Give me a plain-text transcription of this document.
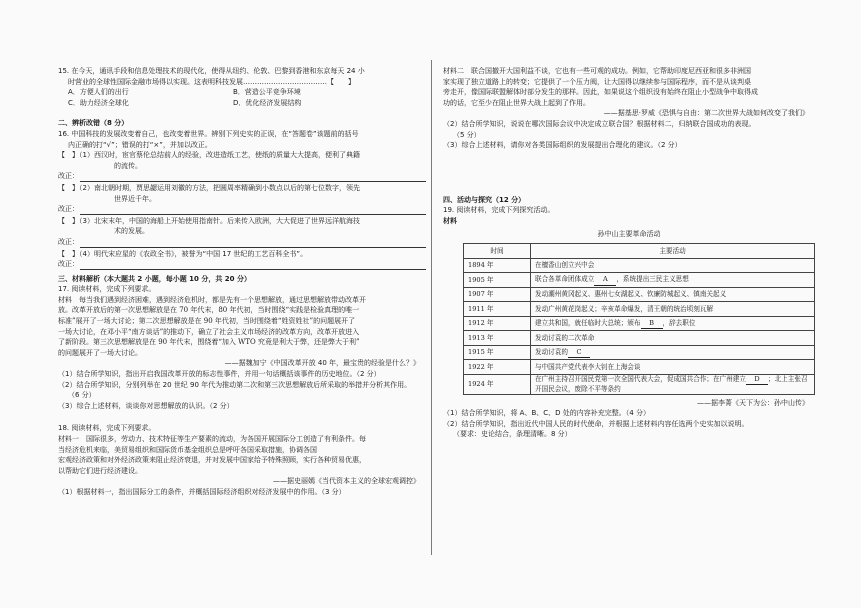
15. 在今天，通讯手段和信息处理技术的现代化，使得从纽约、伦敦、巴黎到香港和东京每天 24 小
时营业的全球性国际金融市场得以实现。这表明科技发展………………………………【　　】
A．方便人们的出行	B．营造公平竞争环境
C．助力经济全球化	D．优化经济发展结构
二、辨析改错（8 分）
16. 中国科技的发展改变着自己，也改变着世界。辨别下列史实的正误，在“答题卷”该题前的括号
内正确的打“√”；错误的打“×”，并加以改正。
【　】（1）西汉时，宦官蔡伦总结前人的经验，改进造纸工艺，使纸的质量大大提高，便利了典籍
的流传。
改正：
【　】（2）南北朝时期，贾思勰运用刘徽的方法，把圆周率精确到小数点以后的第七位数字，领先
世界近千年。
改正：
【　】（3）北宋末年，中国的海船上开始使用指南针。后来传入欧洲，大大促进了世界远洋航海技
术的发展。
改正：
【　】（4）明代宋应星的《农政全书》，被誉为“中国 17 世纪的工艺百科全书”。
改正：
三、材料解析（本大题共 2 小题，每小题 10 分，共 20 分）
17. 阅读材料，完成下列要求。
材料　每当我们遇到经济困难，遇到经济危机时，都是先有一个思想解放，通过思想解放带动改革开
放。改革开放后的第一次思想解放是在 70 年代末，80 年代初，当时围绕“实践是检验真理的唯一
标准”展开了一场大讨论；第二次思想解放是在 90 年代初，当时围绕着“姓资姓社”的问题展开了
一场大讨论，在邓小平“南方谈话”的推动下，确立了社会主义市场经济的改革方向，改革开放进入
了新阶段。第三次思想解放是在 90 年代末，围绕着“加入 WTO 究竟是利大于弊，还是弊大于利”
的问题展开了一场大讨论。
——据魏加宁《中国改革开放 40 年，最宝贵的经验是什么？》
（1）结合所学知识，指出开启我国改革开放的标志性事件，并用一句话概括该事件的历史地位。（2 分）
（2）结合所学知识，分别列举在 20 世纪 90 年代为推动第二次和第三次思想解放后所采取的举措并分析其作用。
（6 分）
（3）综合上述材料，谈谈你对思想解放的认识。（2 分）
18. 阅读材料，完成下列要求。
材料一　国际很多，劳动力、技术特征等生产要素的流动，为各国开展国际分工创造了有利条件。每
当经济危机来临，美贸易组织和国际货币基金组织总是呼吁各国采取措施，协调各国
宏观经济政策和对外经济政策来阻止经济衰退，并对发展中国家给予特殊照顾，实行各种贸易优惠，
以帮助它们进行经济建设。
——据史丽嫣《当代资本主义的全球宏观调控》
（1）根据材料一，指出国际分工的条件，并概括国际经济组织对经济发展中的作用。（3 分）
材料二　联合国撤开大国利益不谈，它也有一些可观的成功。例如，它帮助印度尼西亚和很多非洲国
家实现了独立道路上的转变；它提供了一个压力阀，让大国得以继续参与国际程序，而不是从谈判桌
旁走开，像国际联盟解体时部分发生的那样。因此，如果说这个组织没有始终在阻止小型战争中取得成
功的话，它至少在阻止世界大战上起到了作用。
——据基思·罗威《恐惧与自由：第二次世界大战如何改变了我们》
（2）结合所学知识，说说在哪次国际会议中决定成立联合国？根据材料二，归纳联合国成功的表现。
（5 分）
（3）综合上述材料，请你对各类国际组织的发展提出合理化的建议。（2 分）
四、活动与探究（12 分）
19. 阅读材料，完成下列探究活动。
材料
孙中山主要革命活动
时间	主要活动
1894 年	在檀香山创立兴中会
1905 年	联合各革命团体成立 A ，系统提出三民主义思想
1907 年	发动潮州黄冈起义、惠州七女湖起义、钦廉防城起义、镇南关起义
1911 年	发动广州黄花岗起义；辛亥革命爆发，清王朝的统治顷刻瓦解
1912 年	建立共和国，就任临时大总统；颁布 B ，辞去职位
1913 年	发动讨袁的二次革命
1915 年	发动讨袁的 C
1922 年	与中国共产党代表李大钊在上海会谈
1924 年	在广州主持召开国民党第一次全国代表大会，促成国共合作；在广州建立 D ；北上主张召开国民会议，废除不平等条约
——据李菁《天下为公：孙中山传》
（1）结合所学知识，将 A、B、C、D 处的内容补充完整。（4 分）
（2）结合所学知识，指出近代中国人民的时代使命，并根据上述材料内容任选两个史实加以说明。
（要求：史论结合，条理清晰。8 分）
